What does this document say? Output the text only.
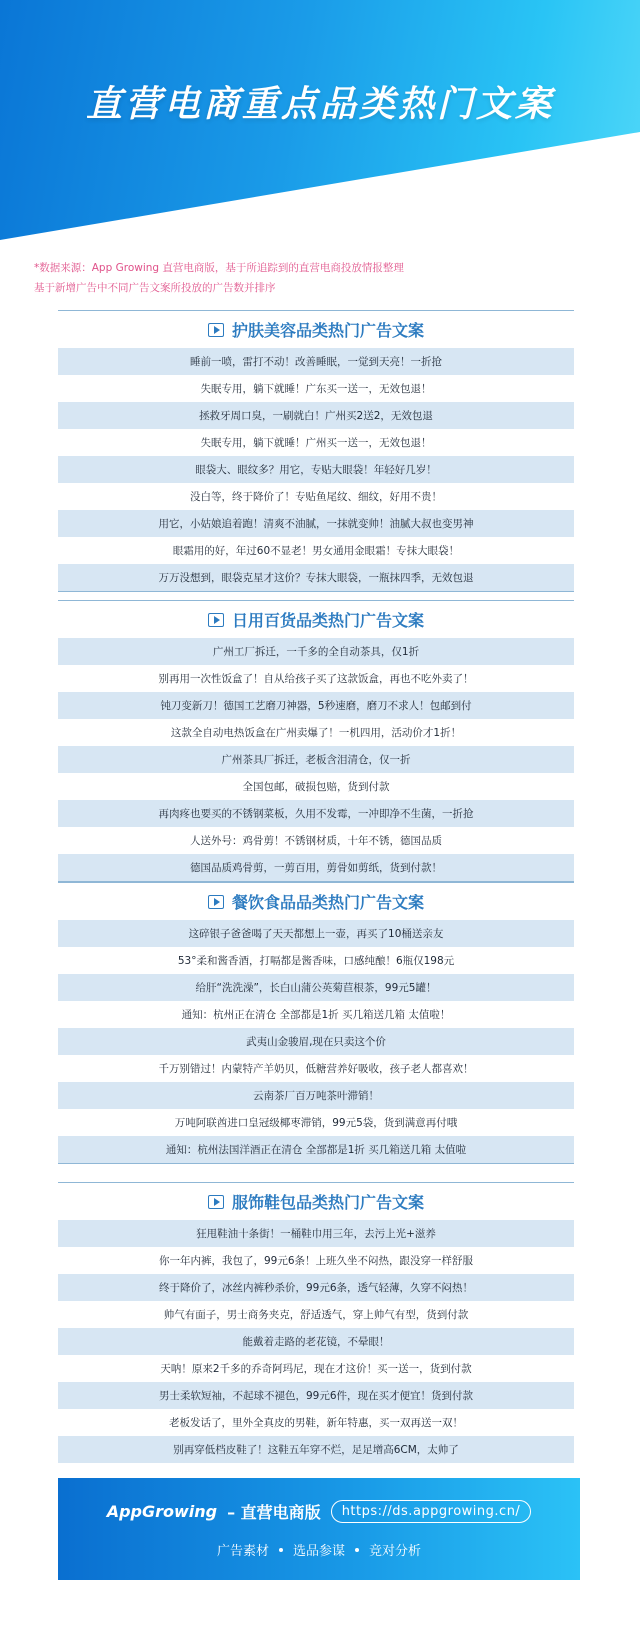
直营电商重点品类热门文案
*数据来源：App Growing 直营电商版，基于所追踪到的直营电商投放情报整理
基于新增广告中不同广告文案所投放的广告数并排序
护肤美容品类热门广告文案
睡前一喷，雷打不动！改善睡眠，一觉到天亮！一折抢
失眠专用，躺下就睡！广东买一送一，无效包退！
拯救牙周口臭，一刷就白！广州买2送2，无效包退
失眠专用，躺下就睡！广州买一送一，无效包退！
眼袋大、眼纹多？用它，专贴大眼袋！年轻好几岁！
没白等，终于降价了！专贴鱼尾纹、细纹，好用不贵！
用它，小姑娘追着跑！清爽不油腻，一抹就变帅！油腻大叔也变男神
眼霜用的好，年过60不显老！男女通用金眼霜！专抹大眼袋！
万万没想到，眼袋克星才这价？专抹大眼袋，一瓶抹四季，无效包退
日用百货品类热门广告文案
广州工厂拆迁，一千多的全自动茶具，仅1折
别再用一次性饭盒了！自从给孩子买了这款饭盒，再也不吃外卖了！
钝刀变新刀！德国工艺磨刀神器，5秒速磨，磨刀不求人！包邮到付
这款全自动电热饭盒在广州卖爆了！一机四用，活动价才1折！
广州茶具厂拆迁，老板含泪清仓，仅一折
全国包邮，破损包赔，货到付款
再肉疼也要买的不锈钢菜板，久用不发霉，一冲即净不生菌，一折抢
人送外号：鸡骨剪！不锈钢材质，十年不锈，德国品质
德国品质鸡骨剪，一剪百用，剪骨如剪纸，货到付款！
餐饮食品品类热门广告文案
这碎银子爸爸喝了天天都想上一壶，再买了10桶送亲友
53°柔和酱香酒，打嗝都是酱香味，口感纯酿！6瓶仅198元
给肝“洗洗澡”，长白山蒲公英菊苣根茶，99元5罐！
通知：杭州正在清仓 全部都是1折 买几箱送几箱 太值啦！
武夷山金骏眉,现在只卖这个价
千万别错过！内蒙特产羊奶贝，低糖营养好吸收，孩子老人都喜欢！
云南茶厂百万吨茶叶滞销！
万吨阿联酋进口皇冠级椰枣滞销，99元5袋，货到满意再付哦
通知：杭州法国洋酒正在清仓 全部都是1折 买几箱送几箱 太值啦
服饰鞋包品类热门广告文案
狂甩鞋油十条街！一桶鞋巾用三年，去污上光+滋养
你一年内裤，我包了，99元6条！上班久坐不闷热，跟没穿一样舒服
终于降价了，冰丝内裤秒杀价，99元6条，透气轻薄，久穿不闷热！
帅气有面子，男士商务夹克，舒适透气，穿上帅气有型，货到付款
能戴着走路的老花镜，不晕眼！
天呐！原来2千多的乔奇阿玛尼，现在才这价！买一送一，货到付款
男士柔软短袖，不起球不褪色，99元6件，现在买才便宜！货到付款
老板发话了，里外全真皮的男鞋，新年特惠，买一双再送一双！
别再穿低档皮鞋了！这鞋五年穿不烂，足足增高6CM，太帅了
AppGrowing – 直营电商版	https://ds.appgrowing.cn/
广告素材 选品参谋 竞对分析
